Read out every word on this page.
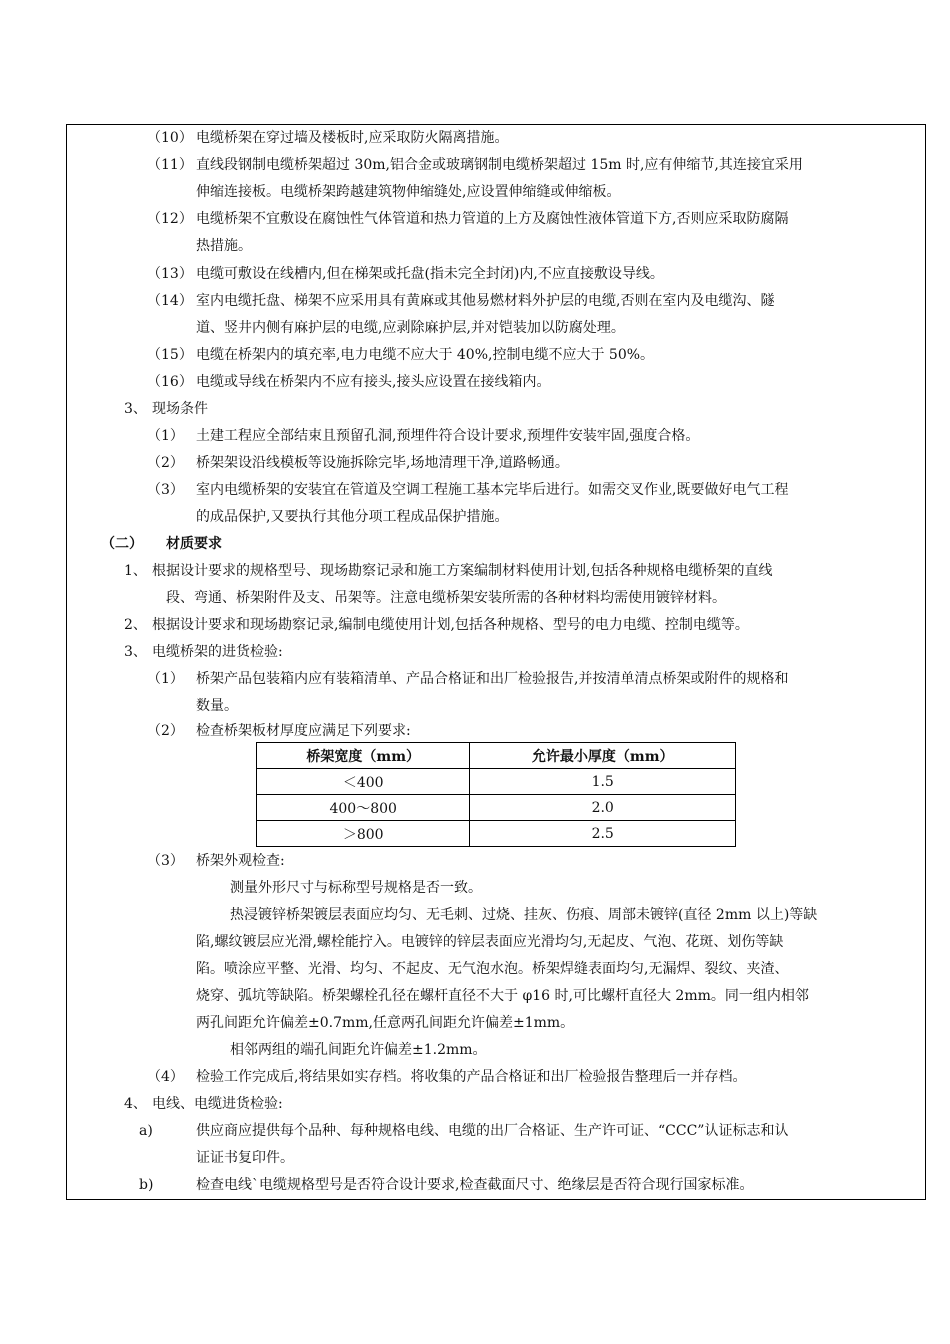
（10） 电缆桥架在穿过墙及楼板时,应采取防火隔离措施。
（11） 直线段钢制电缆桥架超过 30m,铝合金或玻璃钢制电缆桥架超过 15m 时,应有伸缩节,其连接宜采用
伸缩连接板。电缆桥架跨越建筑物伸缩缝处,应设置伸缩缝或伸缩板。
（12） 电缆桥架不宜敷设在腐蚀性气体管道和热力管道的上方及腐蚀性液体管道下方,否则应采取防腐隔
热措施。
（13） 电缆可敷设在线槽内,但在梯架或托盘(指未完全封闭)内,不应直接敷设导线。
（14） 室内电缆托盘、梯架不应采用具有黄麻或其他易燃材料外护层的电缆,否则在室内及电缆沟、隧
道、竖井内侧有麻护层的电缆,应剥除麻护层,并对铠装加以防腐处理。
（15） 电缆在桥架内的填充率,电力电缆不应大于 40%,控制电缆不应大于 50%。
（16） 电缆或导线在桥架内不应有接头,接头应设置在接线箱内。
3、 现场条件
（1） 土建工程应全部结束且预留孔洞,预埋件符合设计要求,预埋件安装牢固,强度合格。
（2） 桥架架设沿线模板等设施拆除完毕,场地清理干净,道路畅通。
（3） 室内电缆桥架的安装宜在管道及空调工程施工基本完毕后进行。如需交叉作业,既要做好电气工程
的成品保护,又要执行其他分项工程成品保护措施。
（二） 材质要求
1、 根据设计要求的规格型号、现场勘察记录和施工方案编制材料使用计划,包括各种规格电缆桥架的直线
段、弯通、桥架附件及支、吊架等。注意电缆桥架安装所需的各种材料均需使用镀锌材料。
2、 根据设计要求和现场勘察记录,编制电缆使用计划,包括各种规格、型号的电力电缆、控制电缆等。
3、 电缆桥架的进货检验:
（1） 桥架产品包装箱内应有装箱清单、产品合格证和出厂检验报告,并按清单清点桥架或附件的规格和
数量。
（2） 检查桥架板材厚度应满足下列要求:
桥架宽度（mm）	允许最小厚度（mm）
＜400	1.5
400～800	2.0
＞800	2.5
（3） 桥架外观检查:
测量外形尺寸与标称型号规格是否一致。
热浸镀锌桥架镀层表面应均匀、无毛刺、过烧、挂灰、伤痕、周部未镀锌(直径 2mm 以上)等缺
陷,螺纹镀层应光滑,螺栓能拧入。电镀锌的锌层表面应光滑均匀,无起皮、气泡、花斑、划伤等缺
陷。喷涂应平整、光滑、均匀、不起皮、无气泡水泡。桥架焊缝表面均匀,无漏焊、裂纹、夹渣、
烧穿、弧坑等缺陷。桥架螺栓孔径在螺杆直径不大于 φ16 时,可比螺杆直径大 2mm。同一组内相邻
两孔间距允许偏差±0.7mm,任意两孔间距允许偏差±1mm。
相邻两组的端孔间距允许偏差±1.2mm。
（4） 检验工作完成后,将结果如实存档。将收集的产品合格证和出厂检验报告整理后一并存档。
4、 电线、电缆进货检验:
a)	供应商应提供每个品种、每种规格电线、电缆的出厂合格证、生产许可证、“CCC”认证标志和认
证证书复印件。
b)	检查电线`电缆规格型号是否符合设计要求,检查截面尺寸、绝缘层是否符合现行国家标准。
